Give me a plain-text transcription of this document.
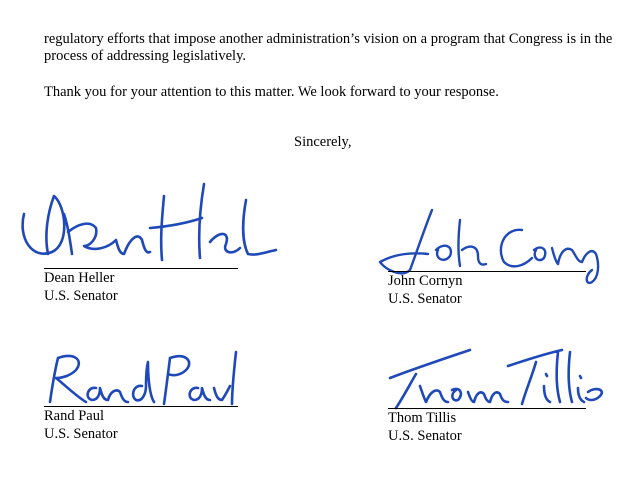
regulatory efforts that impose another administration’s vision on a program that Congress is in the process of addressing legislatively.

Thank you for your attention to this matter. We look forward to your response.

Sincerely,
Dean Heller
U.S. Senator
John Cornyn
U.S. Senator
Rand Paul
U.S. Senator
Thom Tillis
U.S. Senator
